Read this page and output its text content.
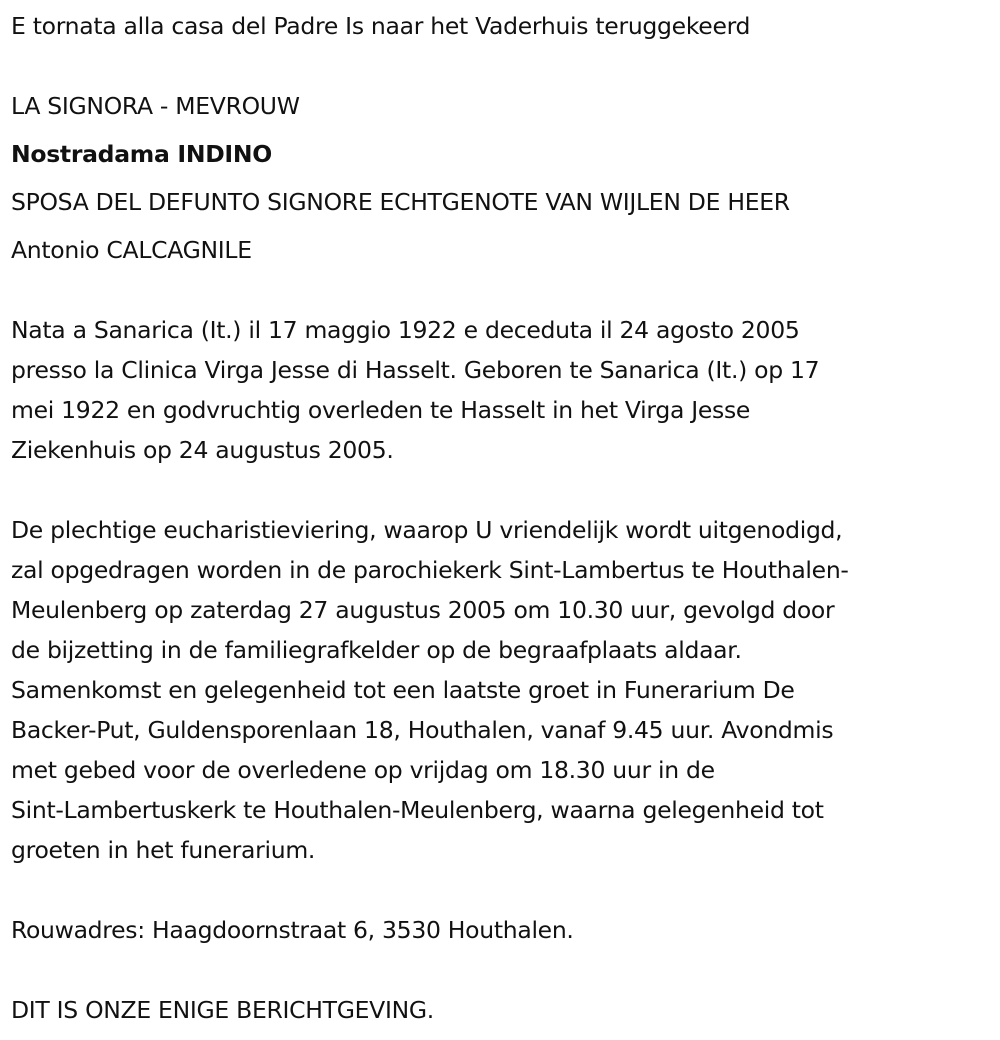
E tornata alla casa del Padre Is naar het Vaderhuis teruggekeerd
LA SIGNORA - MEVROUW
Nostradama INDINO
SPOSA DEL DEFUNTO SIGNORE ECHTGENOTE VAN WIJLEN DE HEER
Antonio CALCAGNILE
Nata a Sanarica (It.) il 17 maggio 1922 e deceduta il 24 agosto 2005
presso la Clinica Virga Jesse di Hasselt. Geboren te Sanarica (It.) op 17
mei 1922 en godvruchtig overleden te Hasselt in het Virga Jesse
Ziekenhuis op 24 augustus 2005.
De plechtige eucharistieviering, waarop U vriendelijk wordt uitgenodigd,
zal opgedragen worden in de parochiekerk Sint-Lambertus te Houthalen-
Meulenberg op zaterdag 27 augustus 2005 om 10.30 uur, gevolgd door
de bijzetting in de familiegrafkelder op de begraafplaats aldaar.
Samenkomst en gelegenheid tot een laatste groet in Funerarium De
Backer-Put, Guldensporenlaan 18, Houthalen, vanaf 9.45 uur. Avondmis
met gebed voor de overledene op vrijdag om 18.30 uur in de
Sint-Lambertuskerk te Houthalen-Meulenberg, waarna gelegenheid tot
groeten in het funerarium.
Rouwadres: Haagdoornstraat 6, 3530 Houthalen.
DIT IS ONZE ENIGE BERICHTGEVING.
